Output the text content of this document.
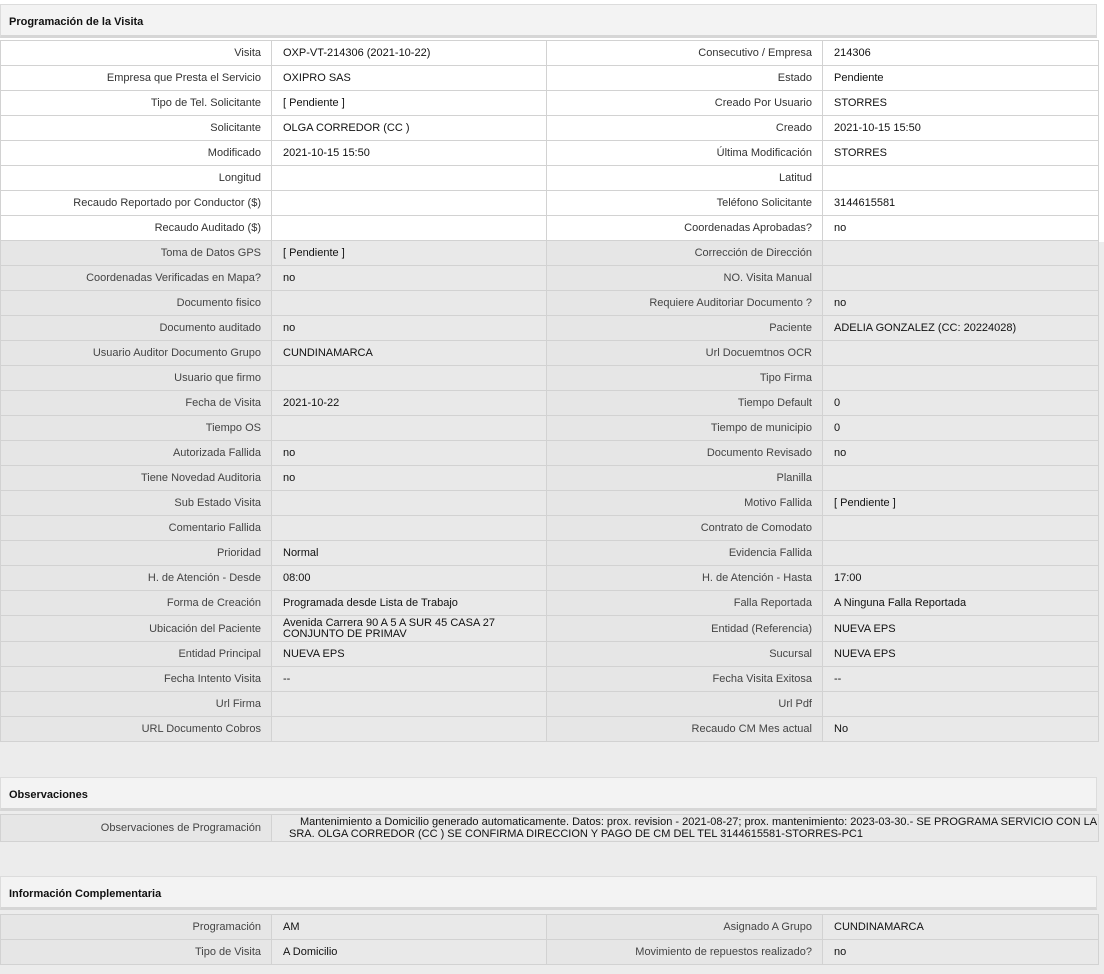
Programación de la Visita
Visita	OXP-VT-214306 (2021-10-22)	Consecutivo / Empresa	214306
Empresa que Presta el Servicio	OXIPRO SAS	Estado	Pendiente
Tipo de Tel. Solicitante	[ Pendiente ]	Creado Por Usuario	STORRES
Solicitante	OLGA CORREDOR (CC )	Creado	2021-10-15 15:50
Modificado	2021-10-15 15:50	Última Modificación	STORRES
Longitud		Latitud	
Recaudo Reportado por Conductor ($)		Teléfono Solicitante	3144615581
Recaudo Auditado ($)		Coordenadas Aprobadas?	no
Toma de Datos GPS	[ Pendiente ]	Corrección de Dirección	
Coordenadas Verificadas en Mapa?	no	NO. Visita Manual	
Documento fisico		Requiere Auditoriar Documento ?	no
Documento auditado	no	Paciente	ADELIA GONZALEZ (CC: 20224028)
Usuario Auditor Documento Grupo	CUNDINAMARCA	Url Docuemtnos OCR	
Usuario que firmo		Tipo Firma	
Fecha de Visita	2021-10-22	Tiempo Default	0
Tiempo OS		Tiempo de municipio	0
Autorizada Fallida	no	Documento Revisado	no
Tiene Novedad Auditoria	no	Planilla	
Sub Estado Visita		Motivo Fallida	[ Pendiente ]
Comentario Fallida		Contrato de Comodato	
Prioridad	Normal	Evidencia Fallida	
H. de Atención - Desde	08:00	H. de Atención - Hasta	17:00
Forma de Creación	Programada desde Lista de Trabajo	Falla Reportada	A Ninguna Falla Reportada
Ubicación del Paciente	Avenida Carrera 90 A 5 A SUR 45 CASA 27 CONJUNTO DE PRIMAV	Entidad (Referencia)	NUEVA EPS
Entidad Principal	NUEVA EPS	Sucursal	NUEVA EPS
Fecha Intento Visita	--	Fecha Visita Exitosa	--
Url Firma		Url Pdf	
URL Documento Cobros		Recaudo CM Mes actual	No
Observaciones
Observaciones de Programación	Mantenimiento a Domicilio generado automaticamente. Datos: prox. revision - 2021-08-27; prox. mantenimiento: 2023-03-30.- SE PROGRAMA SERVICIO CON LA SRA. OLGA CORREDOR (CC ) SE CONFIRMA DIRECCION Y PAGO DE CM DEL TEL 3144615581-STORRES-PC1
Información Complementaria
Programación	AM	Asignado A Grupo	CUNDINAMARCA
Tipo de Visita	A Domicilio	Movimiento de repuestos realizado?	no
